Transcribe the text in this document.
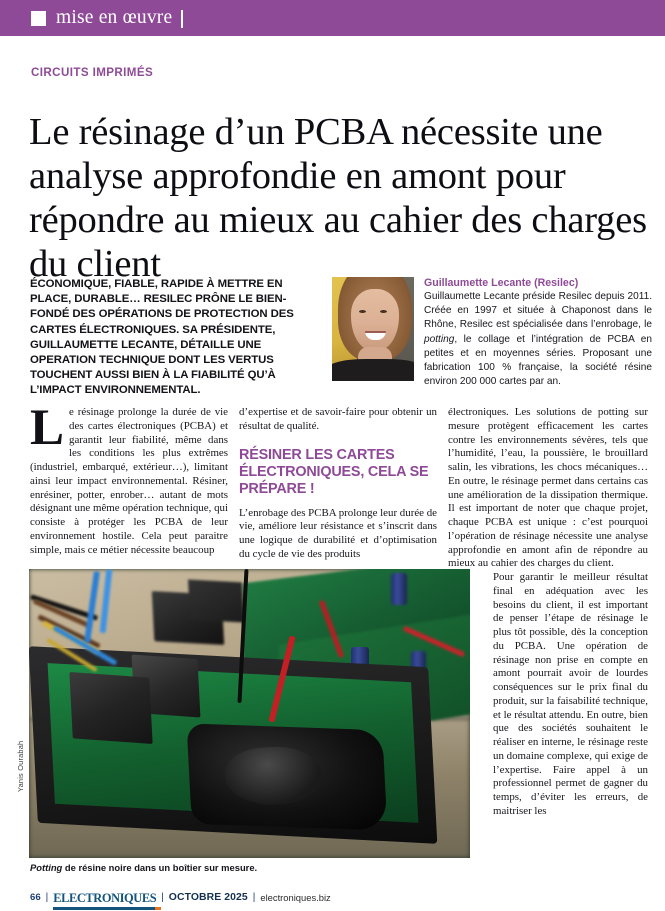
mise en œuvre
CIRCUITS IMPRIMÉS
Le résinage d’un PCBA nécessite une analyse approfondie en amont pour répondre au mieux au cahier des charges du client
ÉCONOMIQUE, FIABLE, RAPIDE À METTRE EN PLACE, DURABLE… RESILEC PRÔNE LE BIEN-FONDÉ DES OPÉRATIONS DE PROTECTION DES CARTES ÉLECTRONIQUES. SA PRÉSIDENTE, GUILLAUMETTE LECANTE, DÉTAILLE UNE OPERATION TECHNIQUE DONT LES VERTUS TOUCHENT AUSSI BIEN À LA FIABILITÉ QU’À L’IMPACT ENVIRONNEMENTAL.
Guillaumette Lecante (Resilec)
Guillaumette Lecante préside Resilec depuis 2011. Créée en 1997 et située à Chaponost dans le Rhône, Resilec est spécialisée dans l’enrobage, le potting, le collage et l’intégration de PCBA en petites et en moyennes séries. Proposant une fabrication 100 % française, la société résine environ 200 000 cartes par an.

Le résinage prolonge la durée de vie des cartes électroniques (PCBA) et garantit leur fiabilité, même dans les conditions les plus extrêmes (industriel, embarqué, extérieur…), limitant ainsi leur impact environnemental. Résiner, enrésiner, potter, enrober… autant de mots désignant une même opération technique, qui consiste à protéger les PCBA de leur environnement hostile. Cela peut paraitre simple, mais ce métier nécessite beaucoup

d’expertise et de savoir-faire pour obtenir un résultat de qualité.

RÉSINER LES CARTES ÉLECTRONIQUES, CELA SE PRÉPARE !

L’enrobage des PCBA prolonge leur durée de vie, améliore leur résistance et s’inscrit dans une logique de durabilité et d’optimisation du cycle de vie des produits

électroniques. Les solutions de potting sur mesure protègent efficacement les cartes contre les environnements sévères, tels que l’humidité, l’eau, la poussière, le brouillard salin, les vibrations, les chocs mécaniques… En outre, le résinage permet dans certains cas une amélioration de la dissipation thermique. Il est important de noter que chaque projet, chaque PCBA est unique : c’est pourquoi l’opération de résinage nécessite une analyse approfondie en amont afin de répondre au mieux au cahier des charges du client.

Pour garantir le meilleur résultat final en adéquation avec les besoins du client, il est important de penser l’étape de résinage le plus tôt possible, dès la conception du PCBA. Une opération de résinage non prise en compte en amont pourrait avoir de lourdes conséquences sur le prix final du produit, sur la faisabilité technique, et le résultat attendu. En outre, bien que des sociétés souhaitent le réaliser en interne, le résinage reste un domaine complexe, qui exige de l’expertise. Faire appel à un professionnel permet de gagner du temps, d’éviter les erreurs, de maitriser les

Yanis Ourabah
Potting de résine noire dans un boîtier sur mesure.
66 | ELECTRONIQUES | OCTOBRE 2025 | electroniques.biz
